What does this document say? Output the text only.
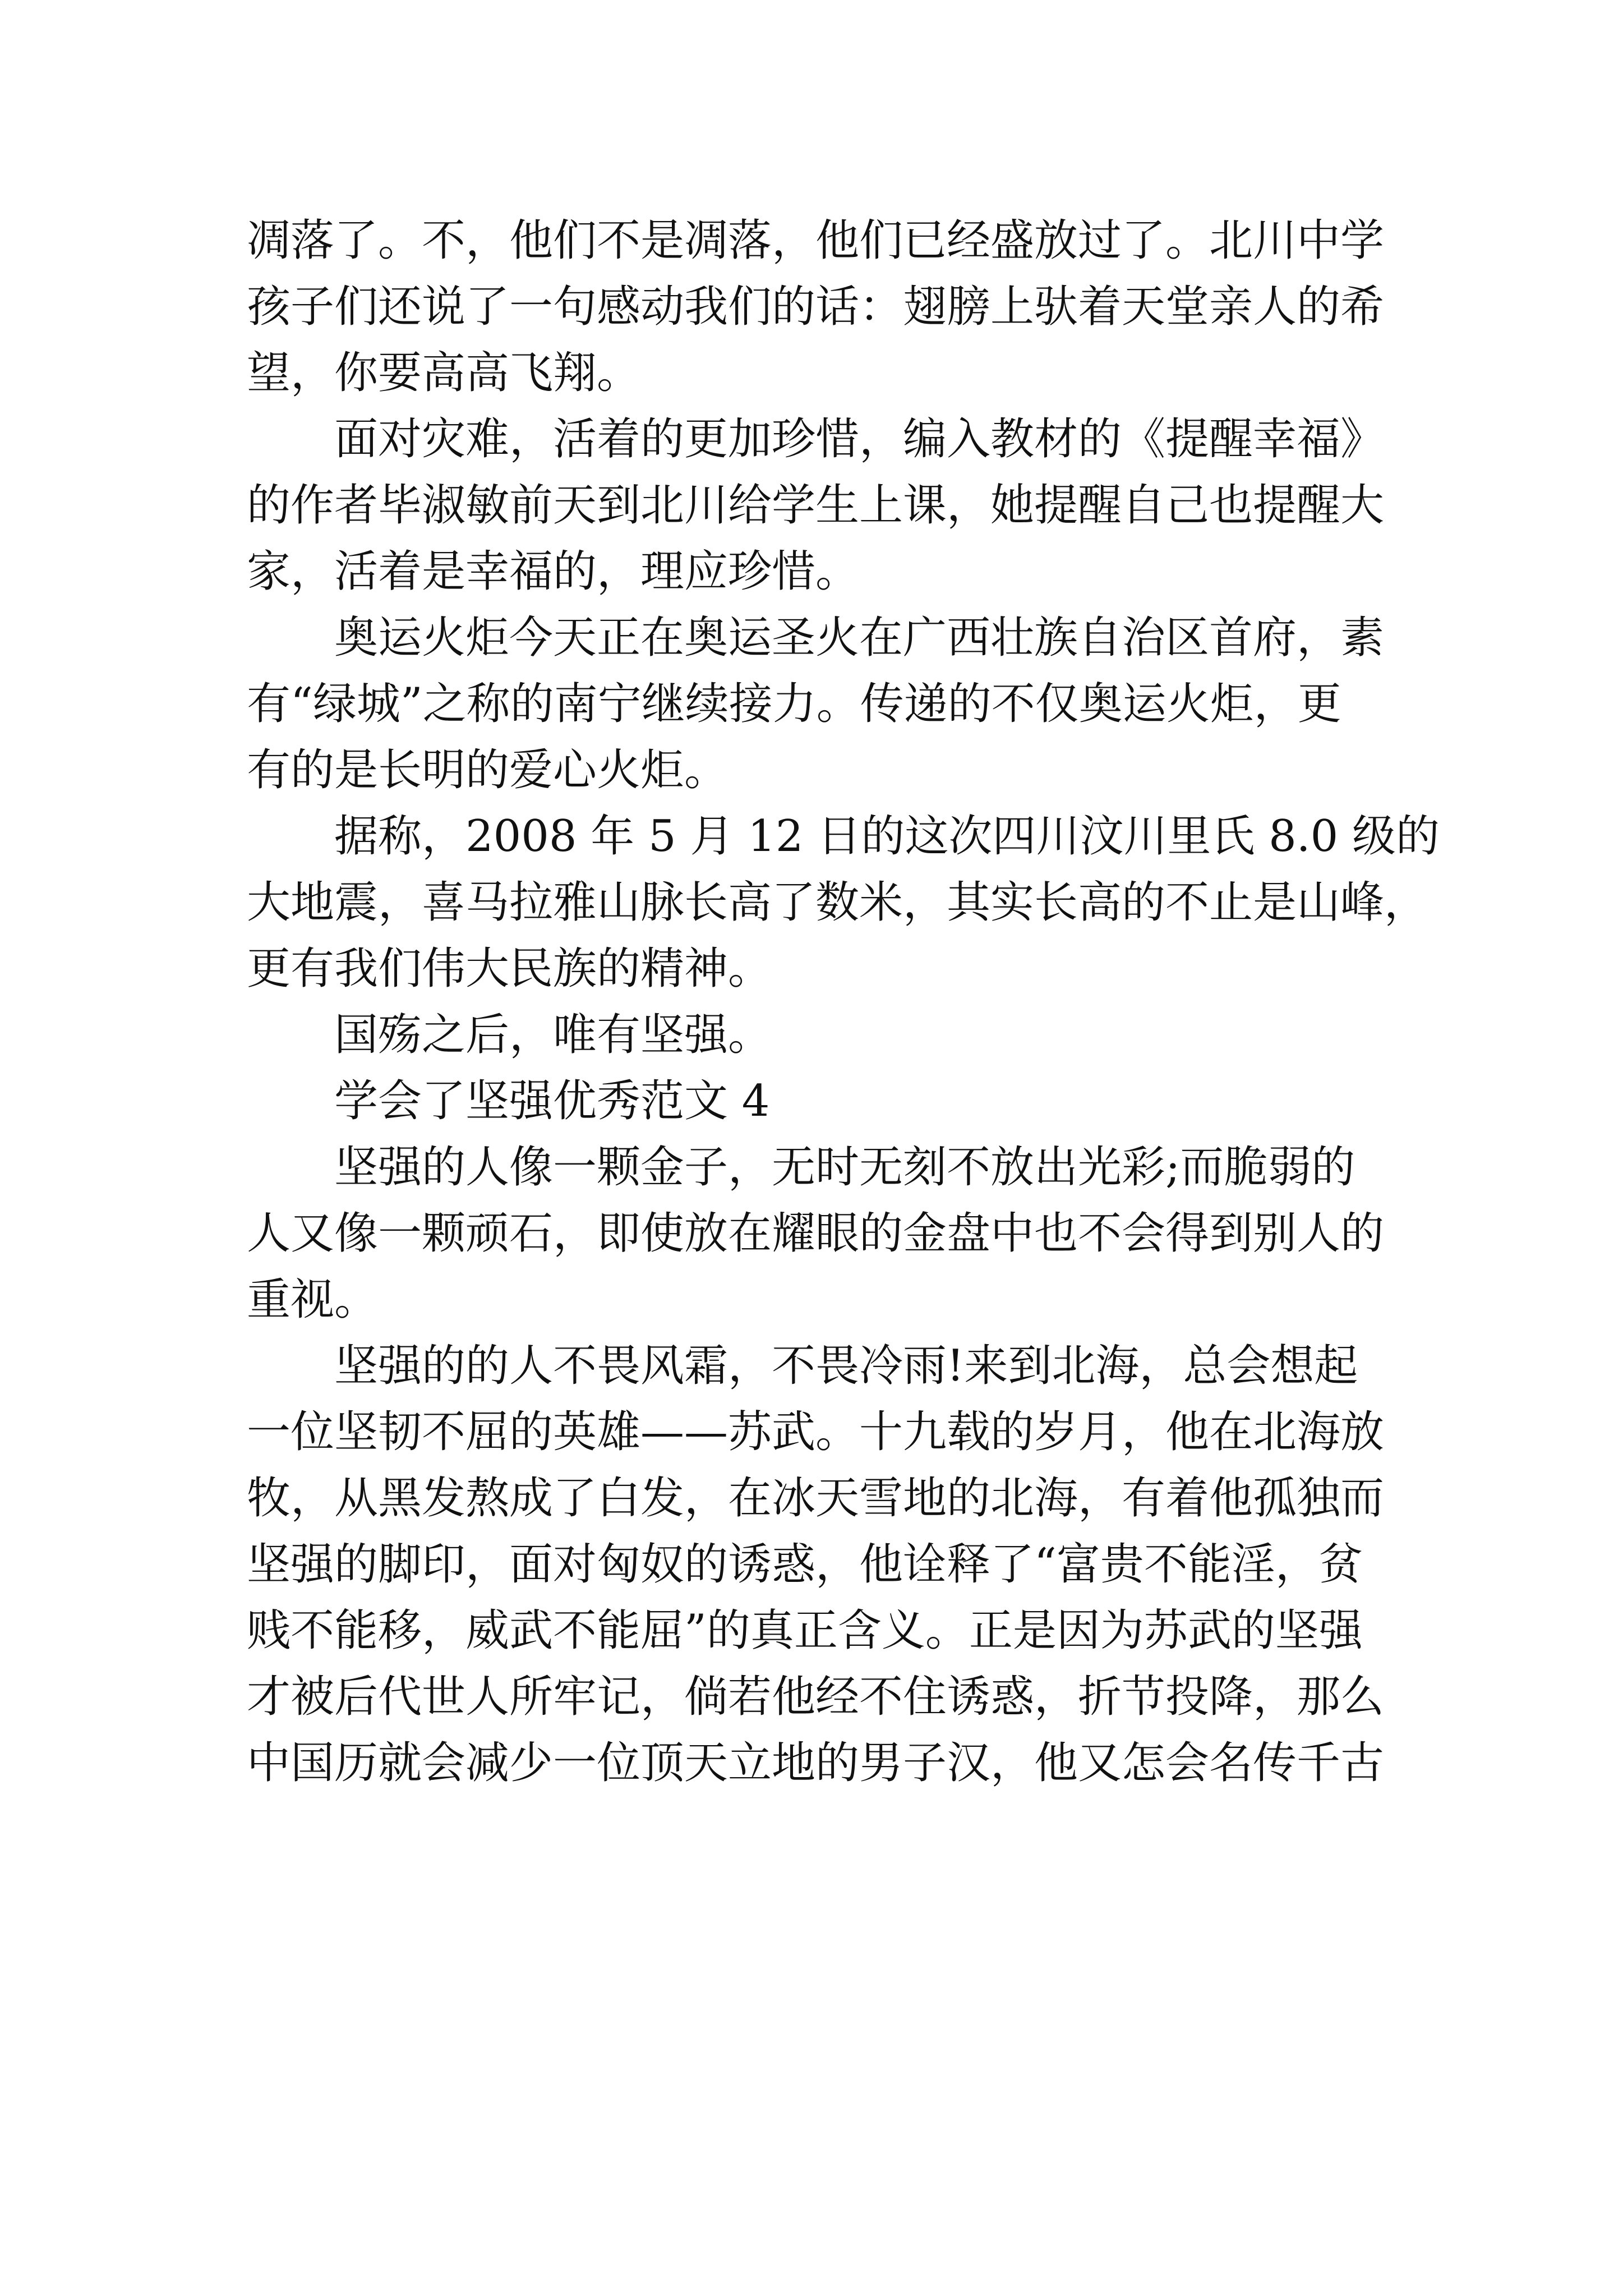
凋落了。不，他们不是凋落，他们已经盛放过了。北川中学
孩子们还说了一句感动我们的话：翅膀上驮着天堂亲人的希
望，你要高高飞翔。
面对灾难，活着的更加珍惜，编入教材的《提醒幸福》
的作者毕淑敏前天到北川给学生上课，她提醒自己也提醒大
家，活着是幸福的，理应珍惜。
奥运火炬今天正在奥运圣火在广西壮族自治区首府，素
有“绿城”之称的南宁继续接力。传递的不仅奥运火炬，更
有的是长明的爱心火炬。
据称，2008 年 5 月 12 日的这次四川汶川里氏 8.0 级的
大地震，喜马拉雅山脉长高了数米，其实长高的不止是山峰，
更有我们伟大民族的精神。
国殇之后，唯有坚强。
学会了坚强优秀范文 4
坚强的人像一颗金子，无时无刻不放出光彩;而脆弱的
人又像一颗顽石，即使放在耀眼的金盘中也不会得到别人的
重视。
坚强的的人不畏风霜，不畏冷雨!来到北海，总会想起
一位坚韧不屈的英雄——苏武。十九载的岁月，他在北海放
牧，从黑发熬成了白发，在冰天雪地的北海，有着他孤独而
坚强的脚印，面对匈奴的诱惑，他诠释了“富贵不能淫，贫
贱不能移，威武不能屈”的真正含义。正是因为苏武的坚强
才被后代世人所牢记，倘若他经不住诱惑，折节投降，那么
中国历就会减少一位顶天立地的男子汉，他又怎会名传千古
